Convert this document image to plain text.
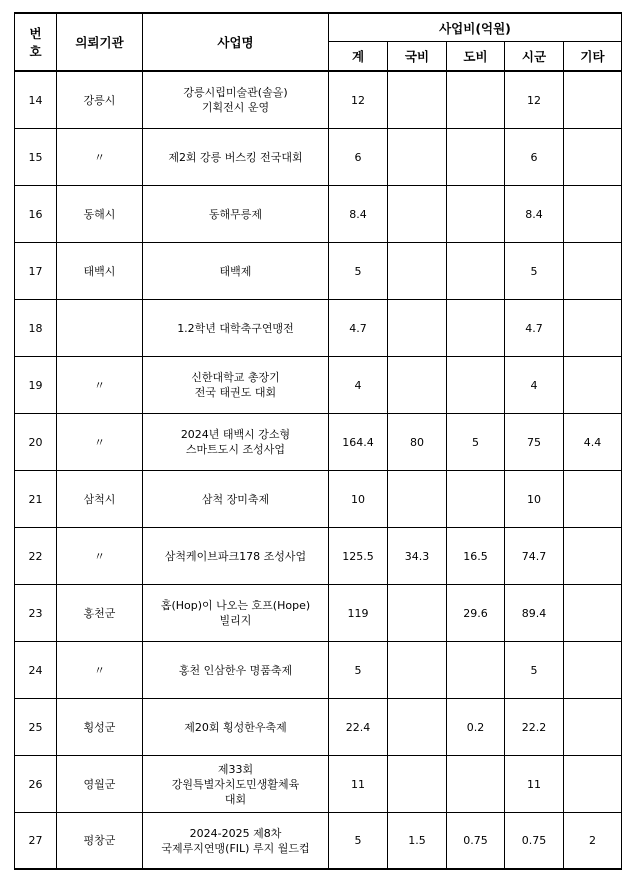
번
호	의뢰기관	사업명	사업비(억원)				
			계	국비	도비	시군	기타
14	강릉시	강릉시립미술관(솔올)
기획전시 운영	12			12	
15	〃	제2회 강릉 버스킹 전국대회	6			6	
16	동해시	동해무릉제	8.4			8.4	
17	태백시	태백제	5			5	
18		1.2학년 대학축구연맹전	4.7			4.7	
19	〃	신한대학교 총장기
전국 태권도 대회	4			4	
20	〃	2024년 태백시 강소형
스마트도시 조성사업	164.4	80	5	75	4.4
21	삼척시	삼척 장미축제	10			10	
22	〃	삼척케이브파크178 조성사업	125.5	34.3	16.5	74.7	
23	홍천군	홉(Hop)이 나오는 호프(Hope)
빌리지	119		29.6	89.4	
24	〃	홍천 인삼한우 명품축제	5			5	
25	횡성군	제20회 횡성한우축제	22.4		0.2	22.2	
26	영월군	제33회
강원특별자치도민생활체육
대회	11			11	
27	평창군	2024-2025 제8차
국제루지연맹(FIL) 루지 월드컵	5	1.5	0.75	0.75	2
